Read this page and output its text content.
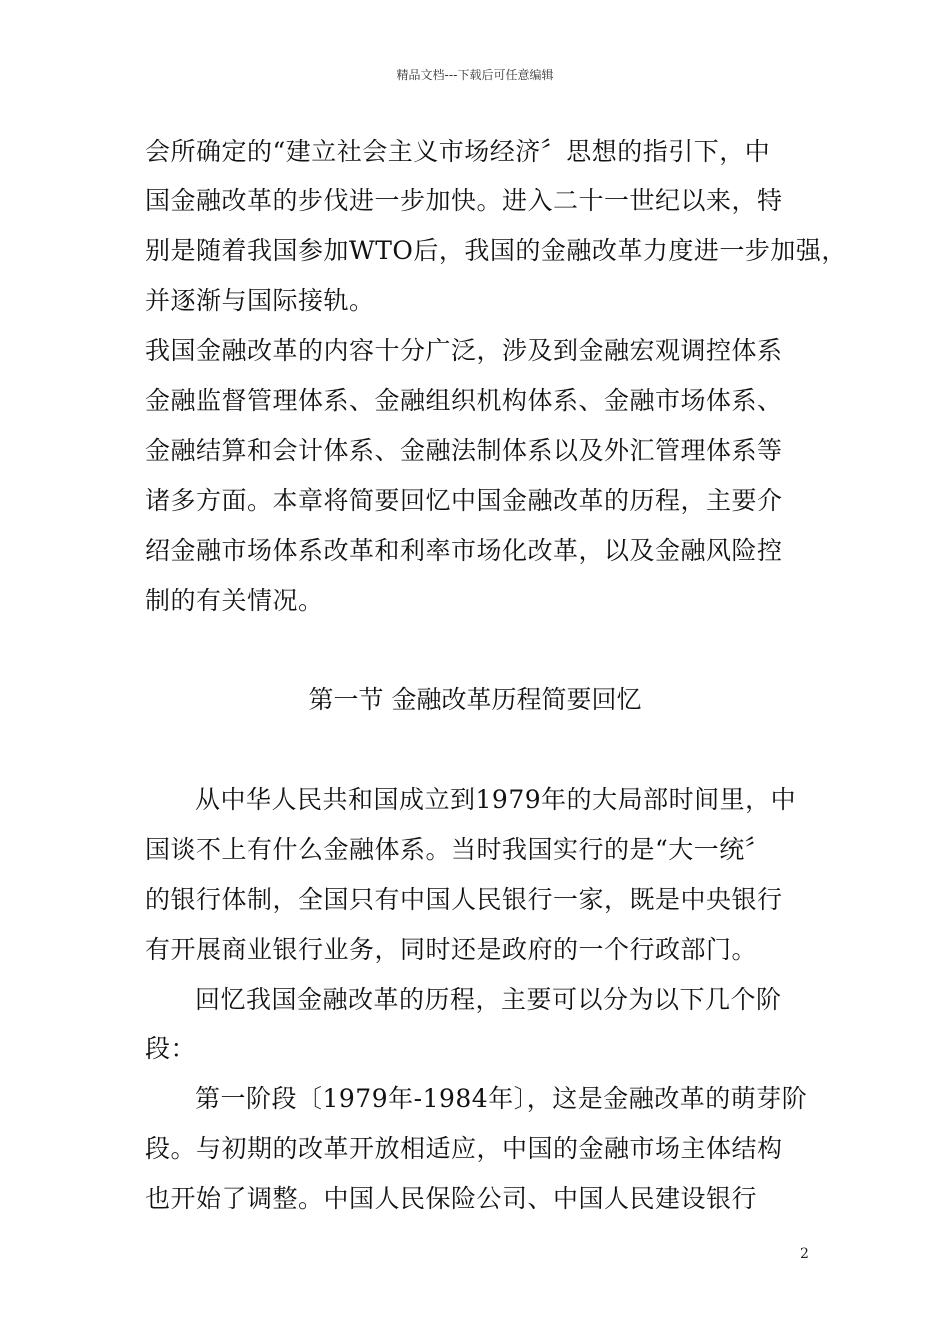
精品文档---下载后可任意编辑
会所确定的“建立社会主义市场经济〞思想的指引下，中
国金融改革的步伐进一步加快。进入二十一世纪以来，特
别是随着我国参加WTO后，我国的金融改革力度进一步加强，
并逐渐与国际接轨。
我国金融改革的内容十分广泛，涉及到金融宏观调控体系
金融监督管理体系、金融组织机构体系、金融市场体系、
金融结算和会计体系、金融法制体系以及外汇管理体系等
诸多方面。本章将简要回忆中国金融改革的历程，主要介
绍金融市场体系改革和利率市场化改革，以及金融风险控
制的有关情况。
第一节 金融改革历程简要回忆
从中华人民共和国成立到1979年的大局部时间里，中
国谈不上有什么金融体系。当时我国实行的是“大一统〞
的银行体制，全国只有中国人民银行一家，既是中央银行
有开展商业银行业务，同时还是政府的一个行政部门。
回忆我国金融改革的历程，主要可以分为以下几个阶
段：
第一阶段〔1979年-1984年〕，这是金融改革的萌芽阶
段。与初期的改革开放相适应，中国的金融市场主体结构
也开始了调整。中国人民保险公司、中国人民建设银行
2
